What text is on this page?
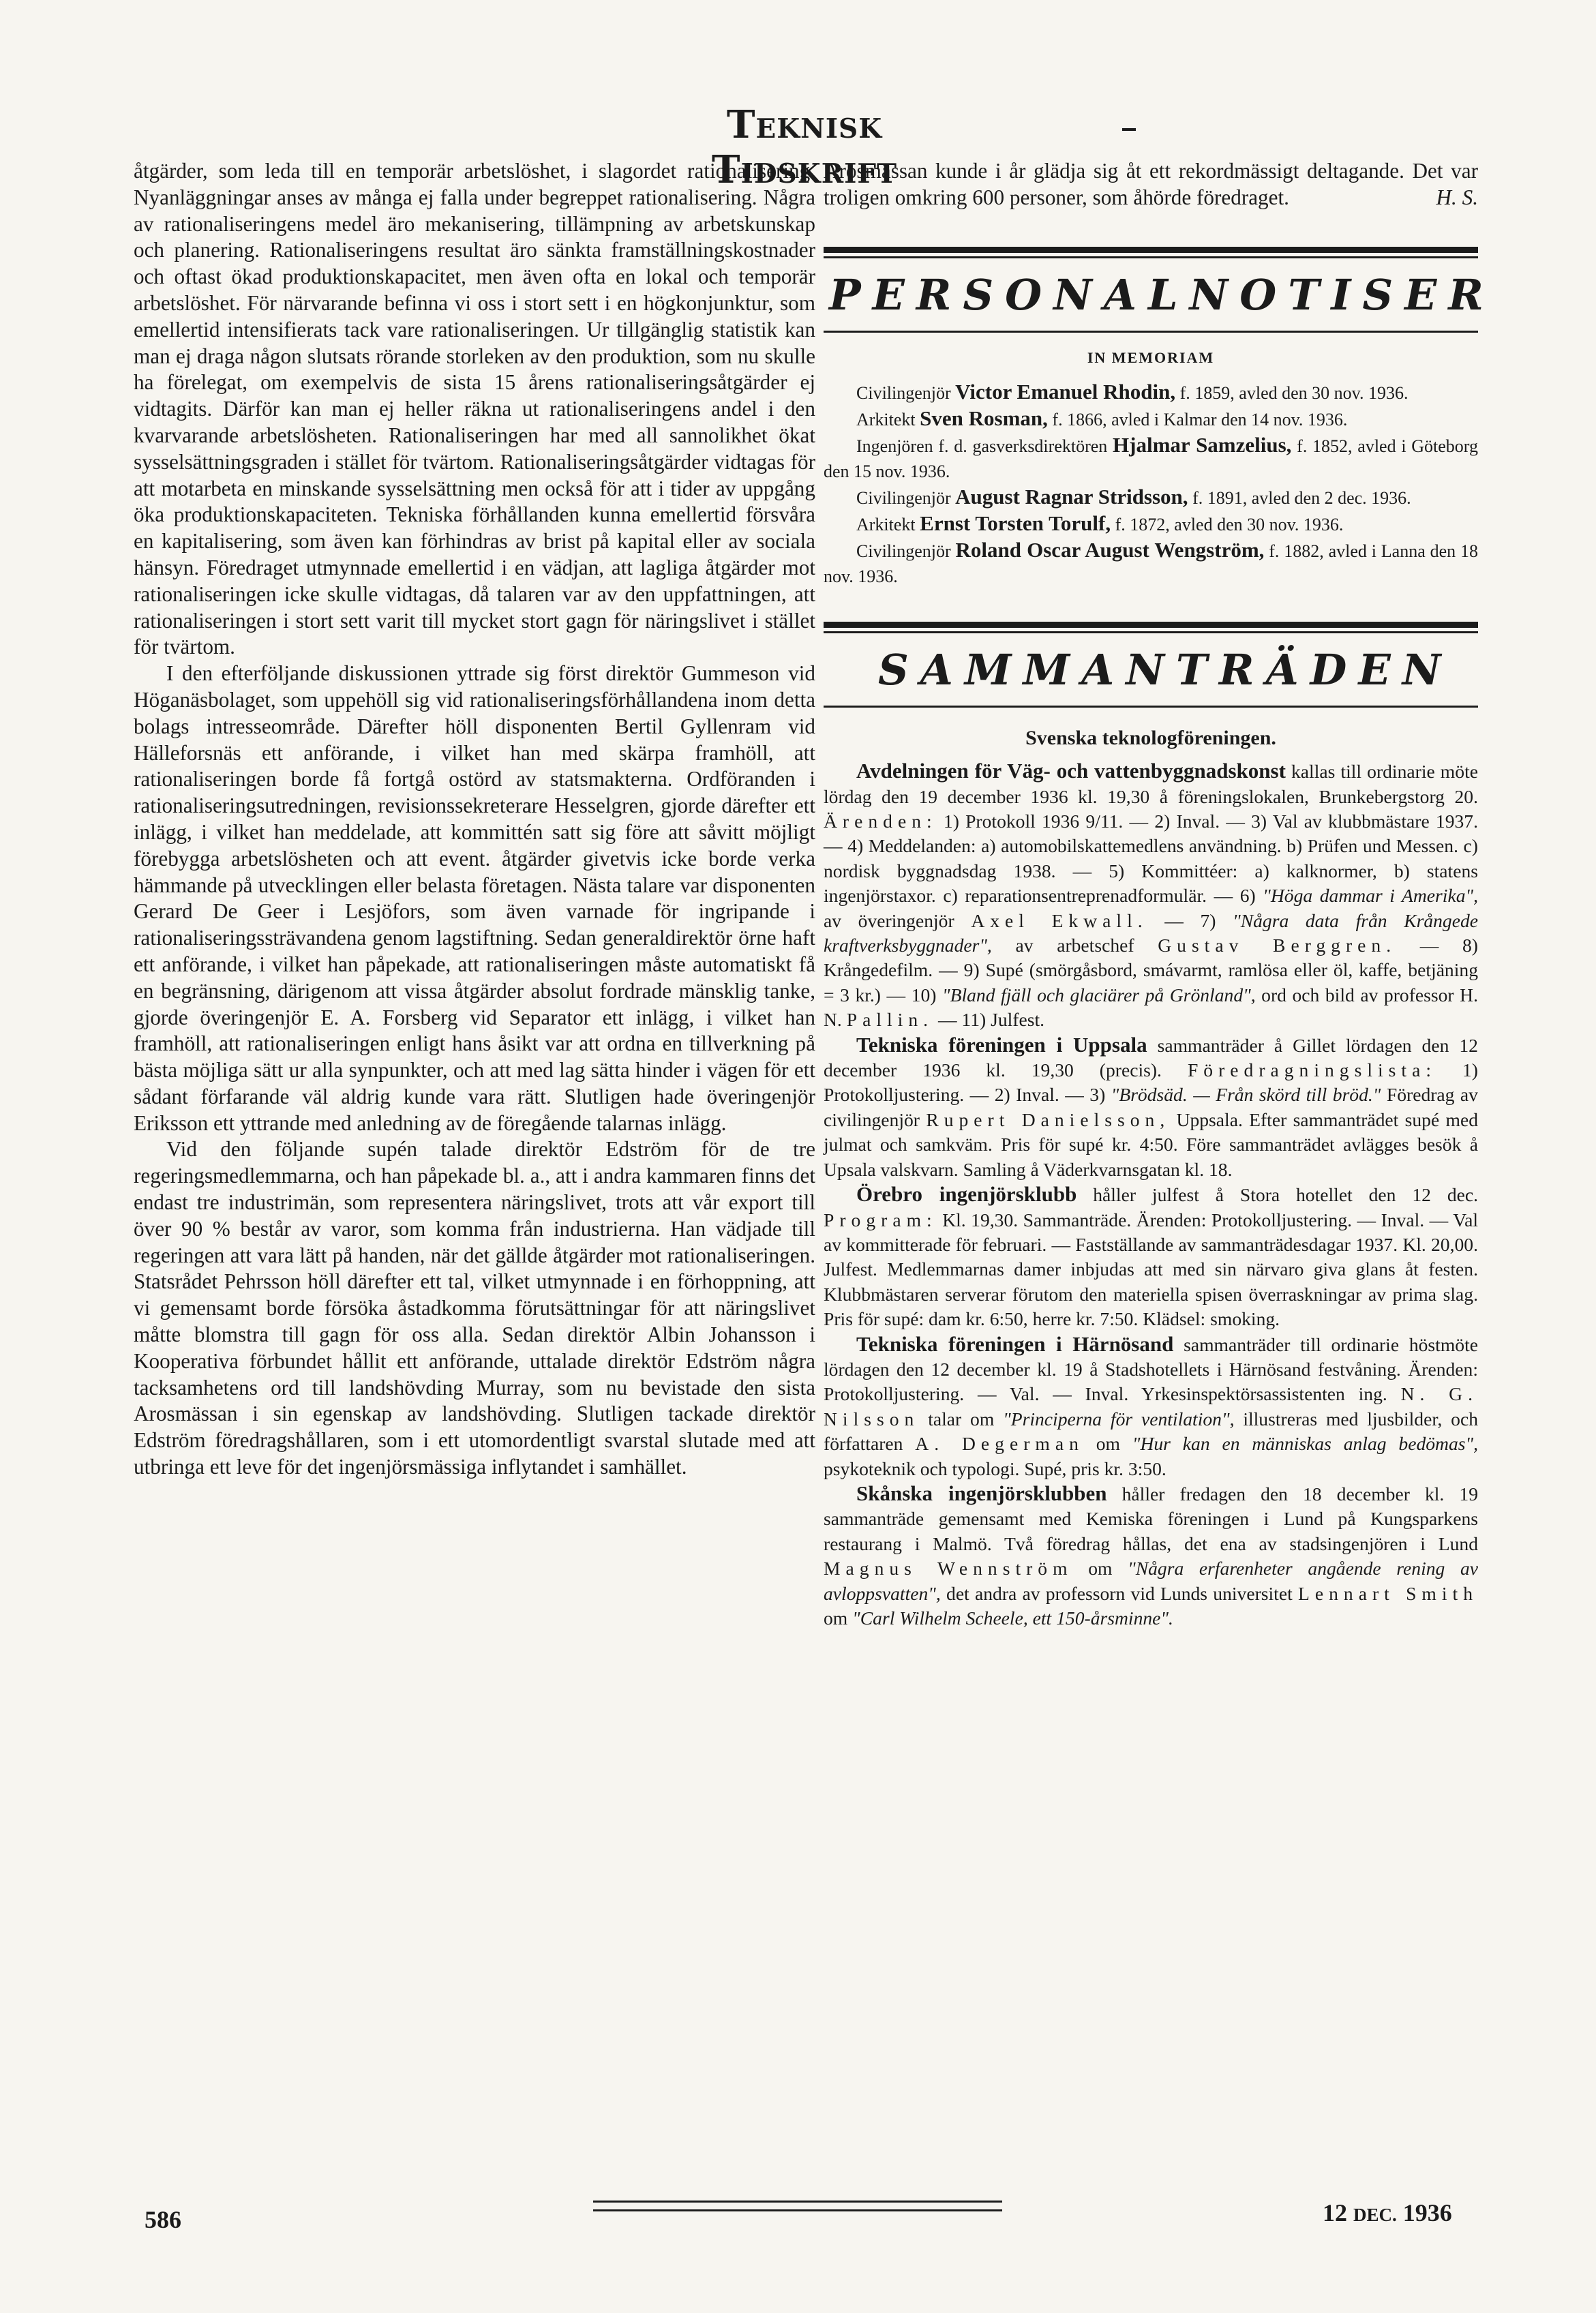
Teknisk Tidskrift

åtgärder, som leda till en temporär arbetslöshet, i slagordet rationalisering. Nyanläggningar anses av många ej falla under begreppet rationalisering. Några av rationaliseringens medel äro mekanisering, tillämpning av arbetskunskap och planering. Rationaliseringens resultat äro sänkta framställningskostnader och oftast ökad produktionskapacitet, men även ofta en lokal och temporär arbetslöshet. För närvarande befinna vi oss i stort sett i en högkonjunktur, som emellertid intensifierats tack vare rationaliseringen. Ur tillgänglig statistik kan man ej draga någon slutsats rörande storleken av den produktion, som nu skulle ha förelegat, om exempelvis de sista 15 årens rationaliseringsåtgärder ej vidtagits. Därför kan man ej heller räkna ut rationaliseringens andel i den kvarvarande arbetslösheten. Rationaliseringen har med all sannolikhet ökat sysselsättningsgraden i stället för tvärtom. Rationaliseringsåtgärder vidtagas för att motarbeta en minskande sysselsättning men också för att i tider av uppgång öka produktionskapaciteten. Tekniska förhållanden kunna emellertid försvåra en kapitalisering, som även kan förhindras av brist på kapital eller av sociala hänsyn. Föredraget utmynnade emellertid i en vädjan, att lagliga åtgärder mot rationaliseringen icke skulle vidtagas, då talaren var av den uppfattningen, att rationaliseringen i stort sett varit till mycket stort gagn för näringslivet i stället för tvärtom.

I den efterföljande diskussionen yttrade sig först direktör Gummeson vid Höganäsbolaget, som uppehöll sig vid rationaliseringsförhållandena inom detta bolags intresseområde. Därefter höll disponenten Bertil Gyllenram vid Hälleforsnäs ett anförande, i vilket han med skärpa framhöll, att rationaliseringen borde få fortgå ostörd av statsmakterna. Ordföranden i rationaliseringsutredningen, revisionssekreterare Hesselgren, gjorde därefter ett inlägg, i vilket han meddelade, att kommittén satt sig före att såvitt möjligt förebygga arbetslösheten och att event. åtgärder givetvis icke borde verka hämmande på utvecklingen eller belasta företagen. Nästa talare var disponenten Gerard De Geer i Lesjöfors, som även varnade för ingripande i rationaliseringssträvandena genom lagstiftning. Sedan generaldirektör örne haft ett anförande, i vilket han påpekade, att rationaliseringen måste automatiskt få en begränsning, därigenom att vissa åtgärder absolut fordrade mänsklig tanke, gjorde överingenjör E. A. Forsberg vid Separator ett inlägg, i vilket han framhöll, att rationaliseringen enligt hans åsikt var att ordna en tillverkning på bästa möjliga sätt ur alla synpunkter, och att med lag sätta hinder i vägen för ett sådant förfarande väl aldrig kunde vara rätt. Slutligen hade överingenjör Eriksson ett yttrande med anledning av de föregående talarnas inlägg.

Vid den följande supén talade direktör Edström för de tre regeringsmedlemmarna, och han påpekade bl. a., att i andra kammaren finns det endast tre industrimän, som representera näringslivet, trots att vår export till över 90 % består av varor, som komma från industrierna. Han vädjade till regeringen att vara lätt på handen, när det gällde åtgärder mot rationaliseringen. Statsrådet Pehrsson höll därefter ett tal, vilket utmynnade i en förhoppning, att vi gemensamt borde försöka åstadkomma förutsättningar för att näringslivet måtte blomstra till gagn för oss alla. Sedan direktör Albin Johansson i Kooperativa förbundet hållit ett anförande, uttalade direktör Edström några tacksamhetens ord till landshövding Murray, som nu bevistade den sista Arosmässan i sin egenskap av landshövding. Slutligen tackade direktör Edström föredragshållaren, som i ett utomordentligt svarstal slutade med att utbringa ett leve för det ingenjörsmässiga inflytandet i samhället.

Arosmässan kunde i år glädja sig åt ett rekordmässigt deltagande. Det var troligen omkring 600 personer, som åhörde föredraget.	H. S.

PERSONALNOTISER
IN MEMORIAM

Civilingenjör Victor Emanuel Rhodin, f. 1859, avled den 30 nov. 1936.

Arkitekt Sven Rosman, f. 1866, avled i Kalmar den 14 nov. 1936.

Ingenjören f. d. gasverksdirektören Hjalmar Samzelius, f. 1852, avled i Göteborg den 15 nov. 1936.

Civilingenjör August Ragnar Stridsson, f. 1891, avled den 2 dec. 1936.

Arkitekt Ernst Torsten Torulf, f. 1872, avled den 30 nov. 1936.

Civilingenjör Roland Oscar August Wengström, f. 1882, avled i Lanna den 18 nov. 1936.

SAMMANTRÄDEN
Svenska teknologföreningen.

Avdelningen för Väg- och vattenbyggnadskonst kallas till ordinarie möte lördag den 19 december 1936 kl. 19,30 å föreningslokalen, Brunkebergstorg 20. Ärenden: 1) Protokoll 1936 9/11. — 2) Inval. — 3) Val av klubbmästare 1937. — 4) Meddelanden: a) automobilskattemedlens användning. b) Prüfen und Messen. c) nordisk byggnadsdag 1938. — 5) Kommittéer: a) kalknormer, b) statens ingenjörstaxor. c) reparationsentreprenadformulär. — 6) "Höga dammar i Amerika", av överingenjör Axel Ekwall. — 7) "Några data från Krångede kraftverksbyggnader", av arbetschef Gustav Berggren. — 8) Krångedefilm. — 9) Supé (smörgåsbord, smávarmt, ramlösa eller öl, kaffe, betjäning = 3 kr.) — 10) "Bland fjäll och glaciärer på Grönland", ord och bild av professor H. N. Pallin. — 11) Julfest.

Tekniska föreningen i Uppsala sammanträder å Gillet lördagen den 12 december 1936 kl. 19,30 (precis). Föredragningslista: 1) Protokolljustering. — 2) Inval. — 3) "Brödsäd. — Från skörd till bröd." Föredrag av civilingenjör Rupert Danielsson, Uppsala. Efter sammanträdet supé med julmat och samkväm. Pris för supé kr. 4:50. Före sammanträdet avlägges besök å Upsala valskvarn. Samling å Väderkvarnsgatan kl. 18.

Örebro ingenjörsklubb håller julfest å Stora hotellet den 12 dec. Program: Kl. 19,30. Sammanträde. Ärenden: Protokolljustering. — Inval. — Val av kommitterade för februari. — Fastställande av sammanträdesdagar 1937. Kl. 20,00. Julfest. Medlemmarnas damer inbjudas att med sin närvaro giva glans åt festen. Klubbmästaren serverar förutom den materiella spisen överraskningar av prima slag. Pris för supé: dam kr. 6:50, herre kr. 7:50. Klädsel: smoking.

Tekniska föreningen i Härnösand sammanträder till ordinarie höstmöte lördagen den 12 december kl. 19 å Stadshotellets i Härnösand festvåning. Ärenden: Protokolljustering. — Val. — Inval. Yrkesinspektörsassistenten ing. N. G. Nilsson talar om "Principerna för ventilation", illustreras med ljusbilder, och författaren A. Degerman om "Hur kan en människas anlag bedömas", psykoteknik och typologi. Supé, pris kr. 3:50.

Skånska ingenjörsklubben håller fredagen den 18 december kl. 19 sammanträde gemensamt med Kemiska föreningen i Lund på Kungsparkens restaurang i Malmö. Två föredrag hållas, det ena av stadsingenjören i Lund Magnus Wennström om "Några erfarenheter angående rening av avloppsvatten", det andra av professorn vid Lunds universitet Lennart Smith om "Carl Wilhelm Scheele, ett 150-årsminne".

586	12 DEC. 1936
